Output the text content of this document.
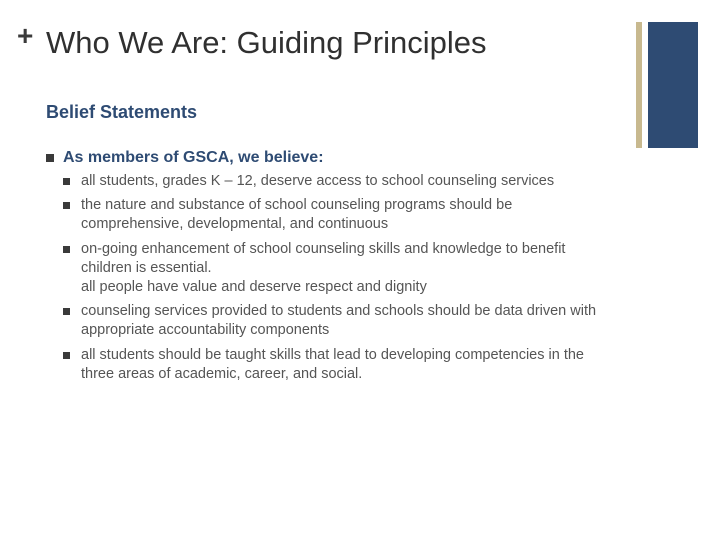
+ Who We Are: Guiding Principles
Belief Statements
As members of GSCA, we believe:
all students, grades K – 12, deserve access to school counseling services
the nature and substance of school counseling programs should be
comprehensive, developmental, and continuous
on-going enhancement of school counseling skills and knowledge to benefit
children is essential.
all people have value and deserve respect and dignity
counseling services provided to students and schools should be data driven with
appropriate accountability components
all students should be taught skills that lead to developing competencies in the
three areas of academic, career, and social.
